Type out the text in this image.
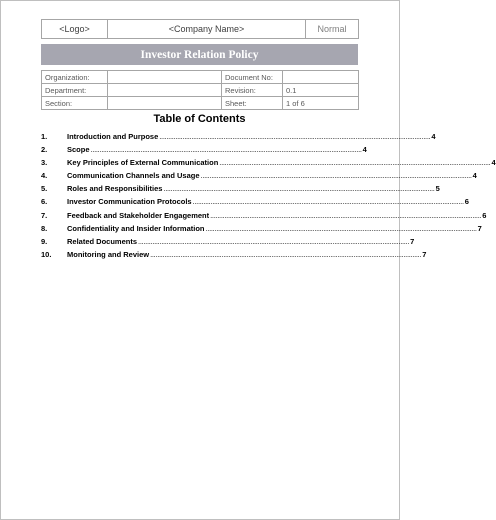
<Logo>	<Company Name>	Normal
Investor Relation Policy
Organization:		Document No:	
Department:		Revision:	0.1
Section:		Sheet:	1 of 6
Table of Contents
1.	Introduction and Purpose ........................................................................................................................................................ 4
2.	Scope ........................................................................................................................................................ 4
3.	Key Principles of External Communication ........................................................................................................................................................ 4
4.	Communication Channels and Usage ........................................................................................................................................................ 4
5.	Roles and Responsibilities ........................................................................................................................................................ 5
6.	Investor Communication Protocols ........................................................................................................................................................ 6
7.	Feedback and Stakeholder Engagement ........................................................................................................................................................ 6
8.	Confidentiality and Insider Information ........................................................................................................................................................ 7
9.	Related Documents ........................................................................................................................................................ 7
10.	Monitoring and Review ........................................................................................................................................................ 7
